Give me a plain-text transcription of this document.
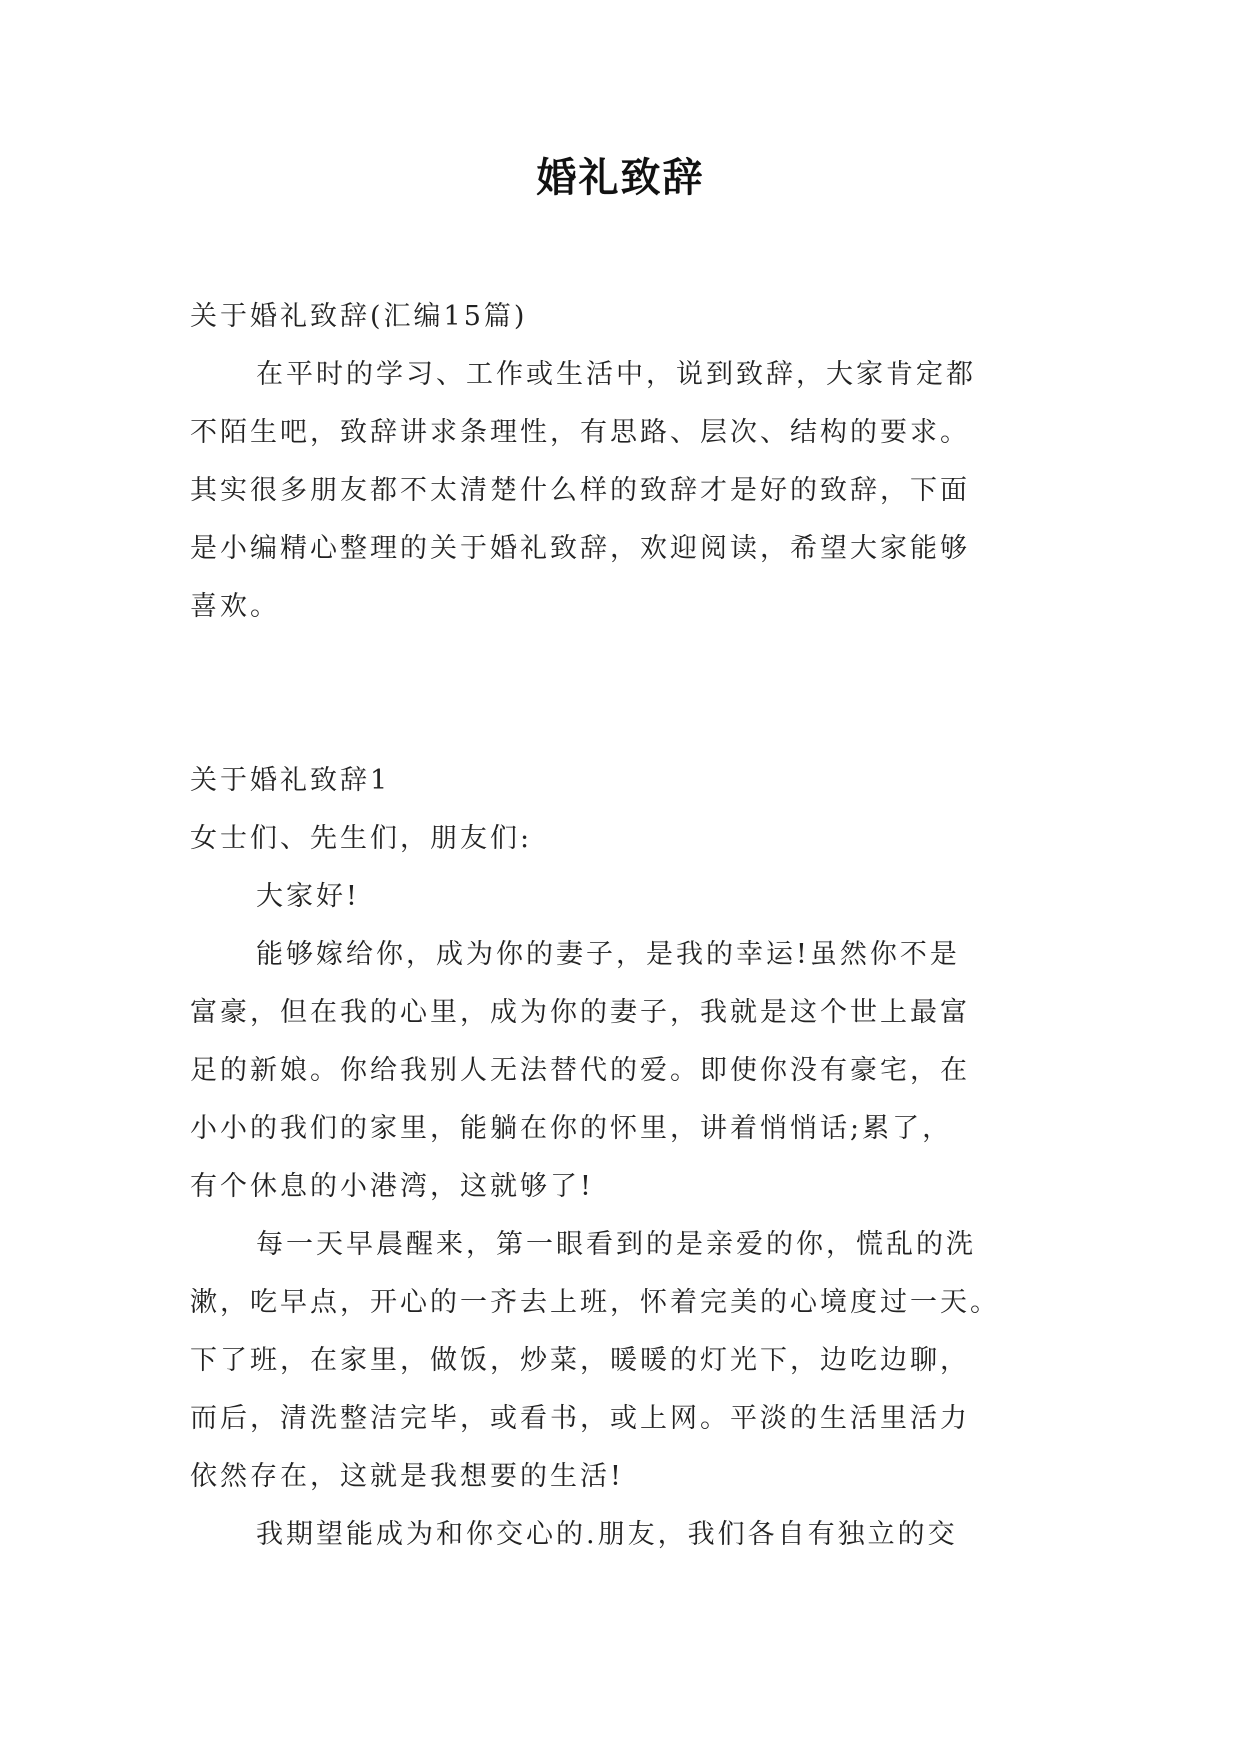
婚礼致辞
关于婚礼致辞(汇编15篇)
在平时的学习、工作或生活中，说到致辞，大家肯定都
不陌生吧，致辞讲求条理性，有思路、层次、结构的要求。
其实很多朋友都不太清楚什么样的致辞才是好的致辞，下面
是小编精心整理的关于婚礼致辞，欢迎阅读，希望大家能够
喜欢。
关于婚礼致辞1
女士们、先生们，朋友们:
大家好!
能够嫁给你，成为你的妻子，是我的幸运!虽然你不是
富豪，但在我的心里，成为你的妻子，我就是这个世上最富
足的新娘。你给我别人无法替代的爱。即使你没有豪宅，在
小小的我们的家里，能躺在你的怀里，讲着悄悄话;累了，
有个休息的小港湾，这就够了!
每一天早晨醒来，第一眼看到的是亲爱的你，慌乱的洗
漱，吃早点，开心的一齐去上班，怀着完美的心境度过一天。
下了班，在家里，做饭，炒菜，暖暖的灯光下，边吃边聊，
而后，清洗整洁完毕，或看书，或上网。平淡的生活里活力
依然存在，这就是我想要的生活!
我期望能成为和你交心的.朋友，我们各自有独立的交
